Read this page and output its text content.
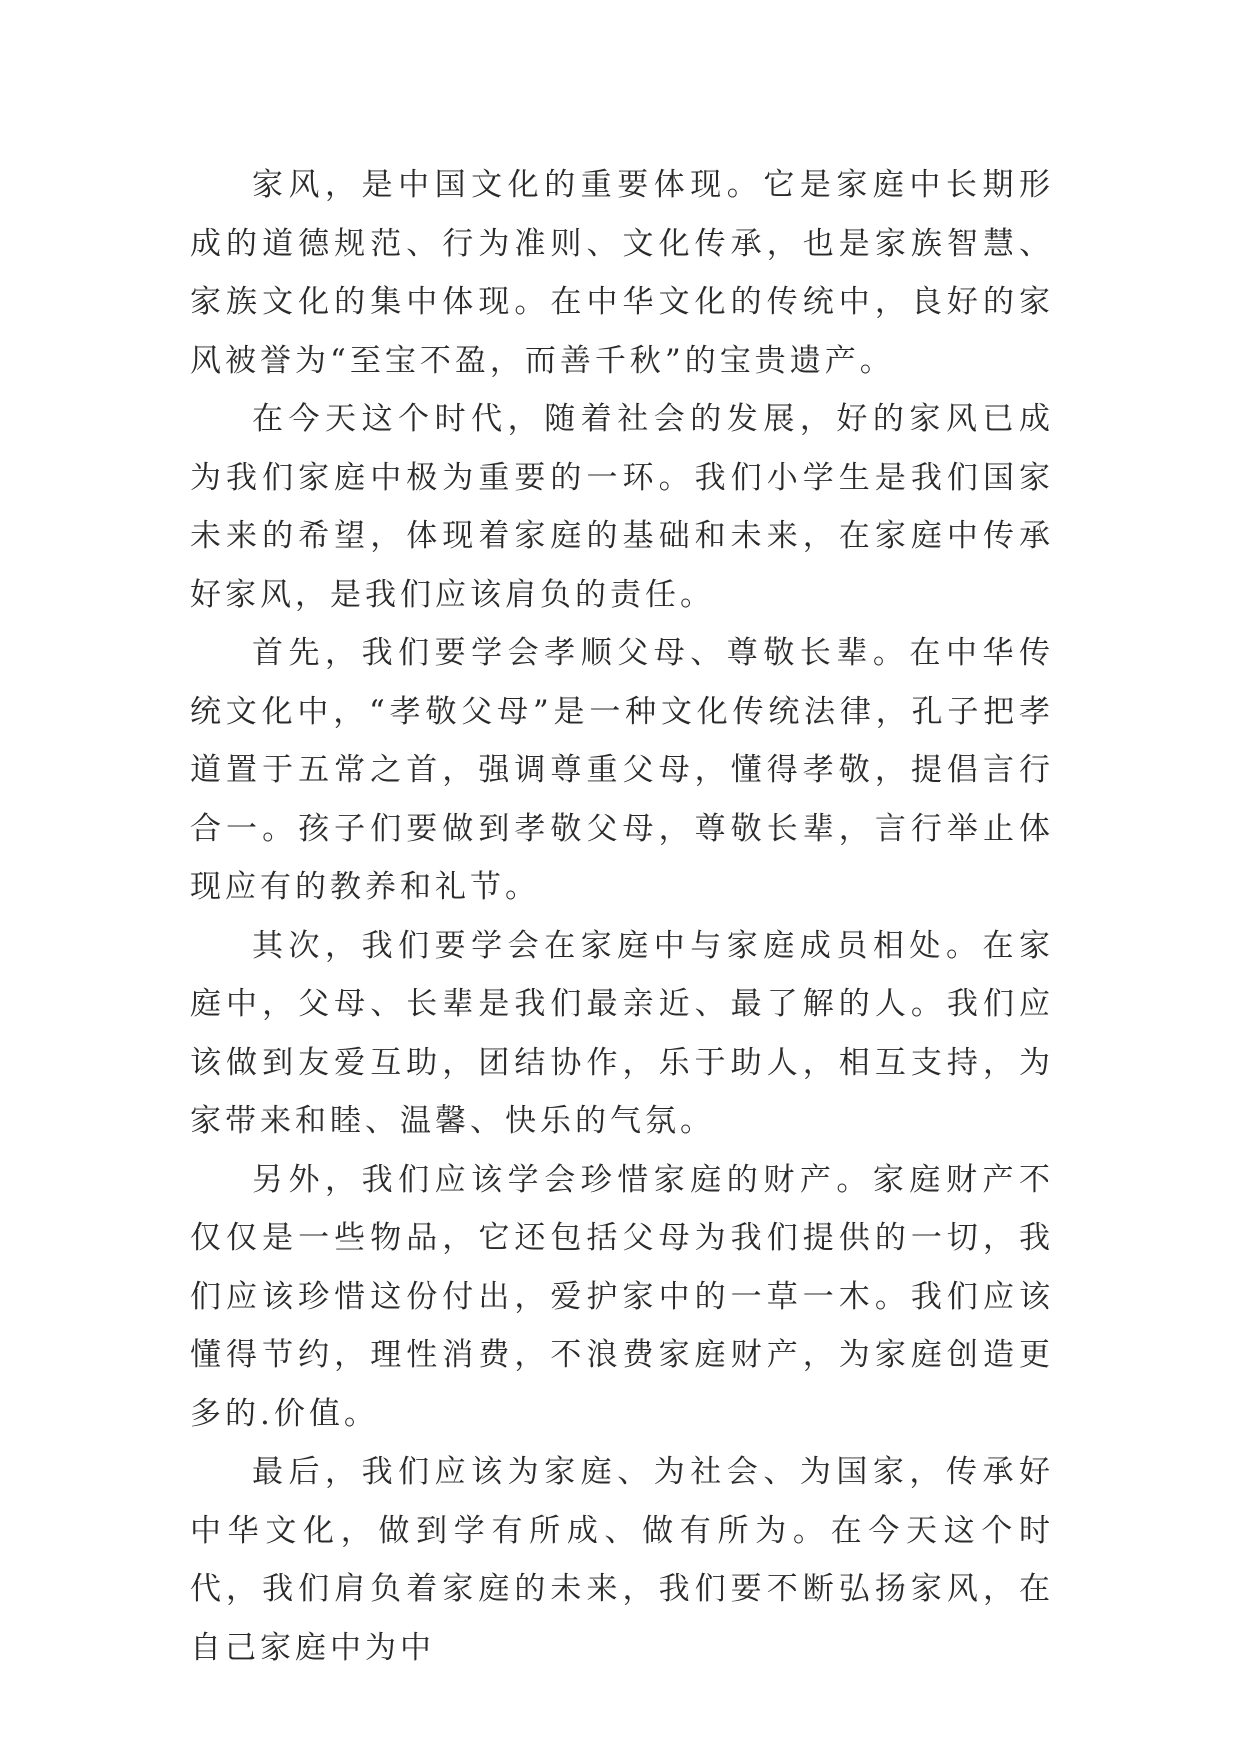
家风，是中国文化的重要体现。它是家庭中长期形成的道德规范、行为准则、文化传承，也是家族智慧、家族文化的集中体现。在中华文化的传统中，良好的家风被誉为“至宝不盈，而善千秋”的宝贵遗产。

在今天这个时代，随着社会的发展，好的家风已成为我们家庭中极为重要的一环。我们小学生是我们国家未来的希望，体现着家庭的基础和未来，在家庭中传承好家风，是我们应该肩负的责任。

首先，我们要学会孝顺父母、尊敬长辈。在中华传统文化中，“孝敬父母”是一种文化传统法律，孔子把孝道置于五常之首，强调尊重父母，懂得孝敬，提倡言行合一。孩子们要做到孝敬父母，尊敬长辈，言行举止体现应有的教养和礼节。

其次，我们要学会在家庭中与家庭成员相处。在家庭中，父母、长辈是我们最亲近、最了解的人。我们应该做到友爱互助，团结协作，乐于助人，相互支持，为家带来和睦、温馨、快乐的气氛。

另外，我们应该学会珍惜家庭的财产。家庭财产不仅仅是一些物品，它还包括父母为我们提供的一切，我们应该珍惜这份付出，爱护家中的一草一木。我们应该懂得节约，理性消费，不浪费家庭财产，为家庭创造更多的.价值。

最后，我们应该为家庭、为社会、为国家，传承好中华文化，做到学有所成、做有所为。在今天这个时代，我们肩负着家庭的未来，我们要不断弘扬家风，在自己家庭中为中
